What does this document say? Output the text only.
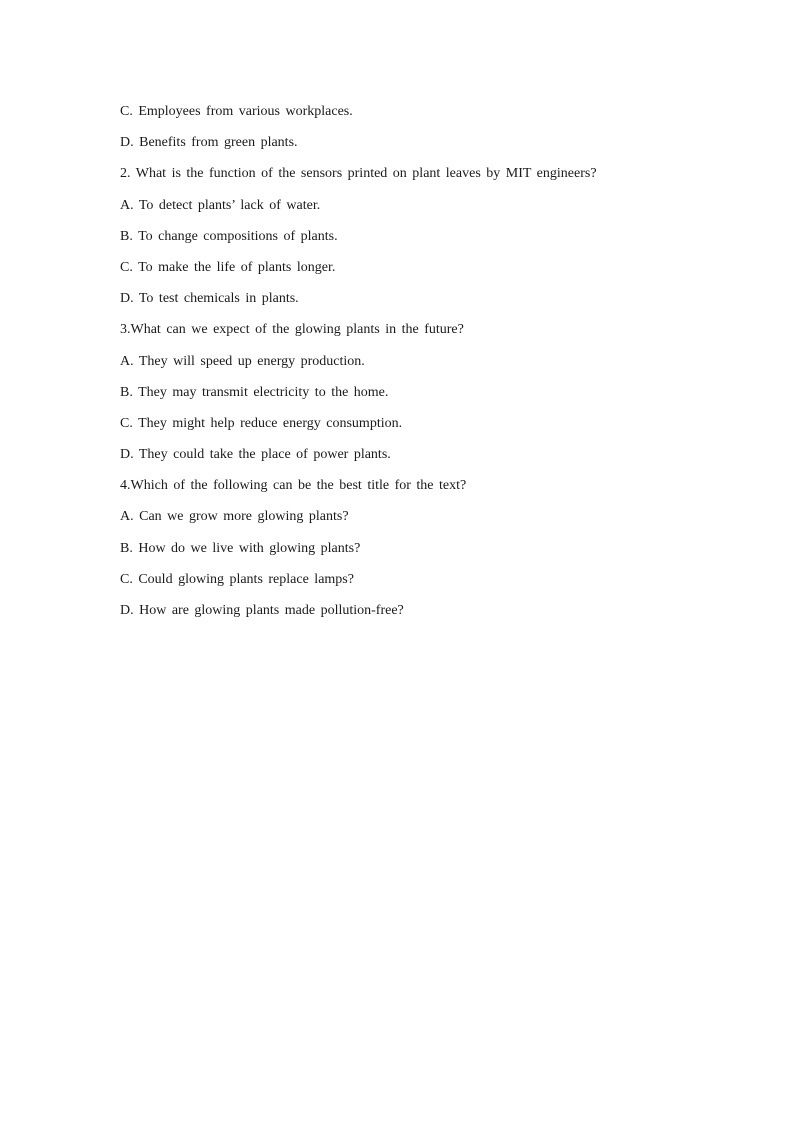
C. Employees from various workplaces.
D. Benefits from green plants.
2. What is the function of the sensors printed on plant leaves by MIT engineers?
A. To detect plants’ lack of water.
B. To change compositions of plants.
C. To make the life of plants longer.
D. To test chemicals in plants.
3.What can we expect of the glowing plants in the future?
A. They will speed up energy production.
B. They may transmit electricity to the home.
C. They might help reduce energy consumption.
D. They could take the place of power plants.
4.Which of the following can be the best title for the text?
A. Can we grow more glowing plants?
B. How do we live with glowing plants?
C. Could glowing plants replace lamps?
D. How are glowing plants made pollution-free?
